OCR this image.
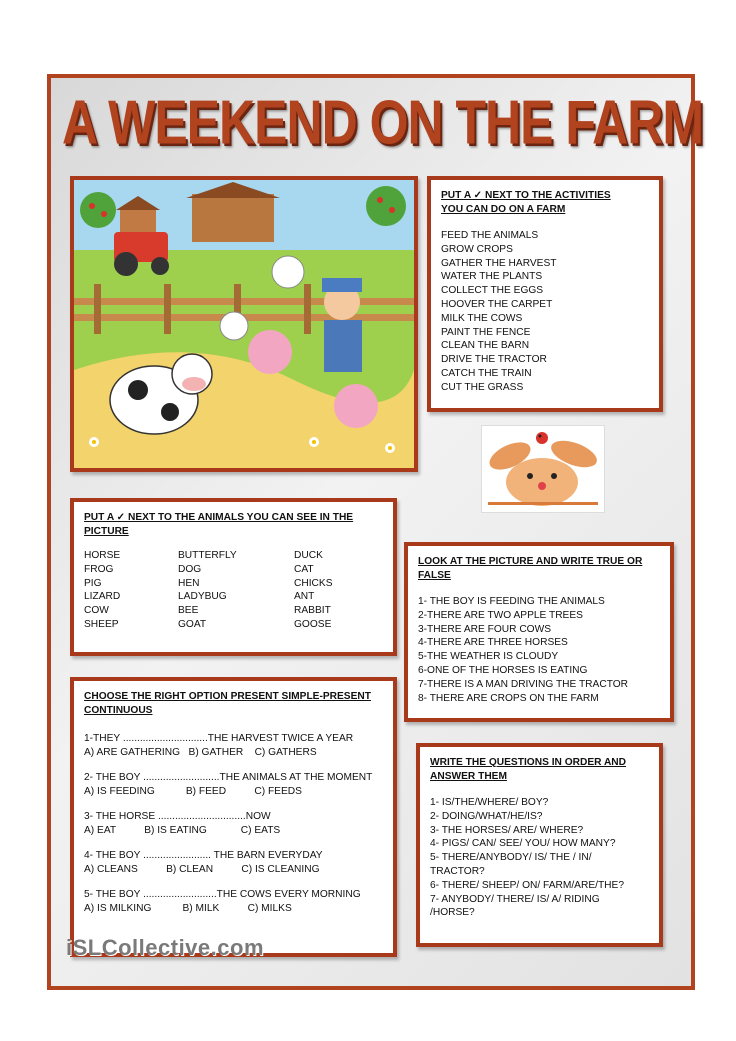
A WEEKEND ON THE FARM
PUT A ✓ NEXT TO THE ACTIVITIES
YOU CAN DO ON A FARM
FEED THE ANIMALS
GROW CROPS
GATHER THE HARVEST
WATER THE PLANTS
COLLECT THE EGGS
HOOVER THE CARPET
MILK THE COWS
PAINT THE FENCE
CLEAN THE BARN
DRIVE THE TRACTOR
CATCH THE TRAIN
CUT THE GRASS
PUT A ✓ NEXT TO THE ANIMALS YOU CAN SEE IN THE
PICTURE
HORSE	BUTTERFLY	DUCK
FROG	DOG	CAT
PIG	HEN	CHICKS
LIZARD	LADYBUG	ANT
COW	BEE	RABBIT
SHEEP	GOAT	GOOSE
LOOK AT THE PICTURE AND WRITE TRUE OR
FALSE
1- THE BOY IS FEEDING THE ANIMALS
2-THERE ARE TWO APPLE TREES
3-THERE ARE FOUR COWS
4-THERE ARE THREE HORSES
5-THE WEATHER IS CLOUDY
6-ONE OF THE HORSES IS EATING
7-THERE IS A MAN DRIVING THE TRACTOR
8- THERE ARE CROPS ON THE FARM
CHOOSE THE RIGHT OPTION PRESENT SIMPLE-PRESENT
CONTINUOUS
1-THEY ..............................THE HARVEST TWICE A YEAR
A) ARE GATHERING   B) GATHER    C) GATHERS
2- THE BOY ...........................THE ANIMALS AT THE MOMENT
A) IS FEEDING           B) FEED          C) FEEDS
3- THE HORSE ...............................NOW
A) EAT          B) IS EATING            C) EATS
4- THE BOY ........................ THE BARN EVERYDAY
A) CLEANS          B) CLEAN          C) IS CLEANING
5- THE BOY ..........................THE COWS EVERY MORNING
A) IS MILKING           B) MILK          C) MILKS
WRITE THE QUESTIONS IN ORDER AND
ANSWER THEM
1- IS/THE/WHERE/ BOY?
2- DOING/WHAT/HE/IS?
3- THE HORSES/ ARE/ WHERE?
4- PIGS/ CAN/ SEE/ YOU/ HOW MANY?
5- THERE/ANYBODY/ IS/ THE / IN/
TRACTOR?
6- THERE/ SHEEP/ ON/ FARM/ARE/THE?
7- ANYBODY/ THERE/ IS/ A/ RIDING
/HORSE?
iSLCollective.com
